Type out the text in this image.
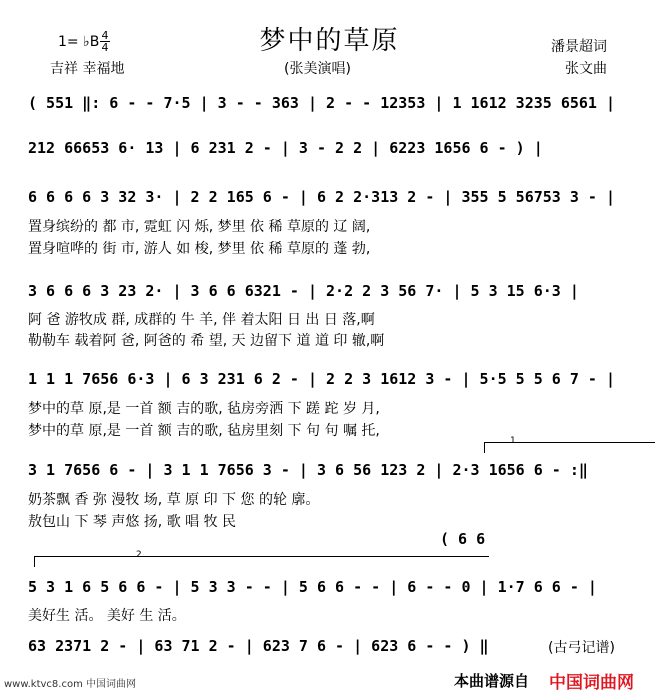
梦中的草原
1= ♭B 4
4
吉祥 幸福地	(张美演唱)
潘景超词
张文曲
( 551 ‖: 6 - - 7·5 | 3 - - 363 | 2 - - 12353 | 1 1612 3235 6561 |
212 66653 6· 13 | 6 231 2 - | 3 - 2 2 | 6223 1656 6 - ) |
6 6 6 6 3 32 3· | 2 2 165 6 - | 6 2 2·313 2 - | 355 5 56753 3 - |
置身缤纷的 都 市, 霓虹 闪 烁, 梦里 依 稀 草原的 辽 阔,
置身喧哗的 街 市, 游人 如 梭, 梦里 依 稀 草原的 蓬 勃,
3 6 6 6 3 23 2· | 3 6 6 6321 - | 2·2 2 3 56 7· | 5 3 15 6·3 |
阿 爸 游牧成 群, 成群的 牛 羊, 伴 着太阳 日 出 日 落,啊
勒勒车 载着阿 爸, 阿爸的 希 望, 天 边留下 道 道 印 辙,啊
1 1 1 7656 6·3 | 6 3 231 6 2 - | 2 2 3 1612 3 - | 5·5 5 5 6 7 - |
梦中的草 原,是 一首 额 吉的歌, 毡房旁洒 下 蹉 跎 岁 月,
梦中的草 原,是 一首 额 吉的歌, 毡房里刻 下 句 句 嘱 托,
1
3 1 7656 6 - | 3 1 1 7656 3 - | 3 6 56 123 2 | 2·3 1656 6 - :‖
奶茶飘 香 弥 漫牧 场, 草 原 印 下 您 的轮 廓。
敖包山 下 琴 声悠 扬, 歌 唱 牧 民
( 6 6
2
5 3 1 6 5 6 6 - | 5 3 3 - - | 5 6 6 - - | 6 - - 0 | 1·7 6 6 - |
美好生 活。 美好 生 活。
63 2371 2 - | 63 71 2 - | 623 7 6 - | 623 6 - - ) ‖	(古弓记谱)
www.ktvc8.com 中国词曲网	本曲谱源自 中国词曲网
